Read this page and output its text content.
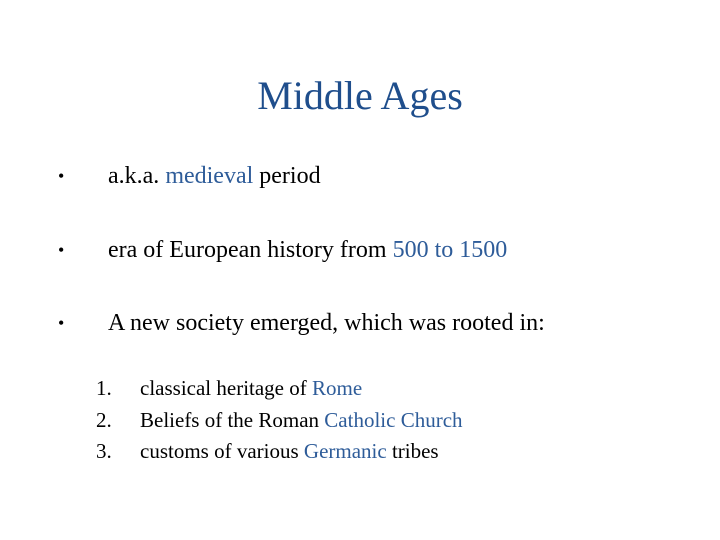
Middle Ages
•	a.k.a. medieval period
•	era of European history from 500 to 1500
•	A new society emerged, which was rooted in:
1.	classical heritage of Rome
2.	Beliefs of the Roman Catholic Church
3.	customs of various Germanic tribes
